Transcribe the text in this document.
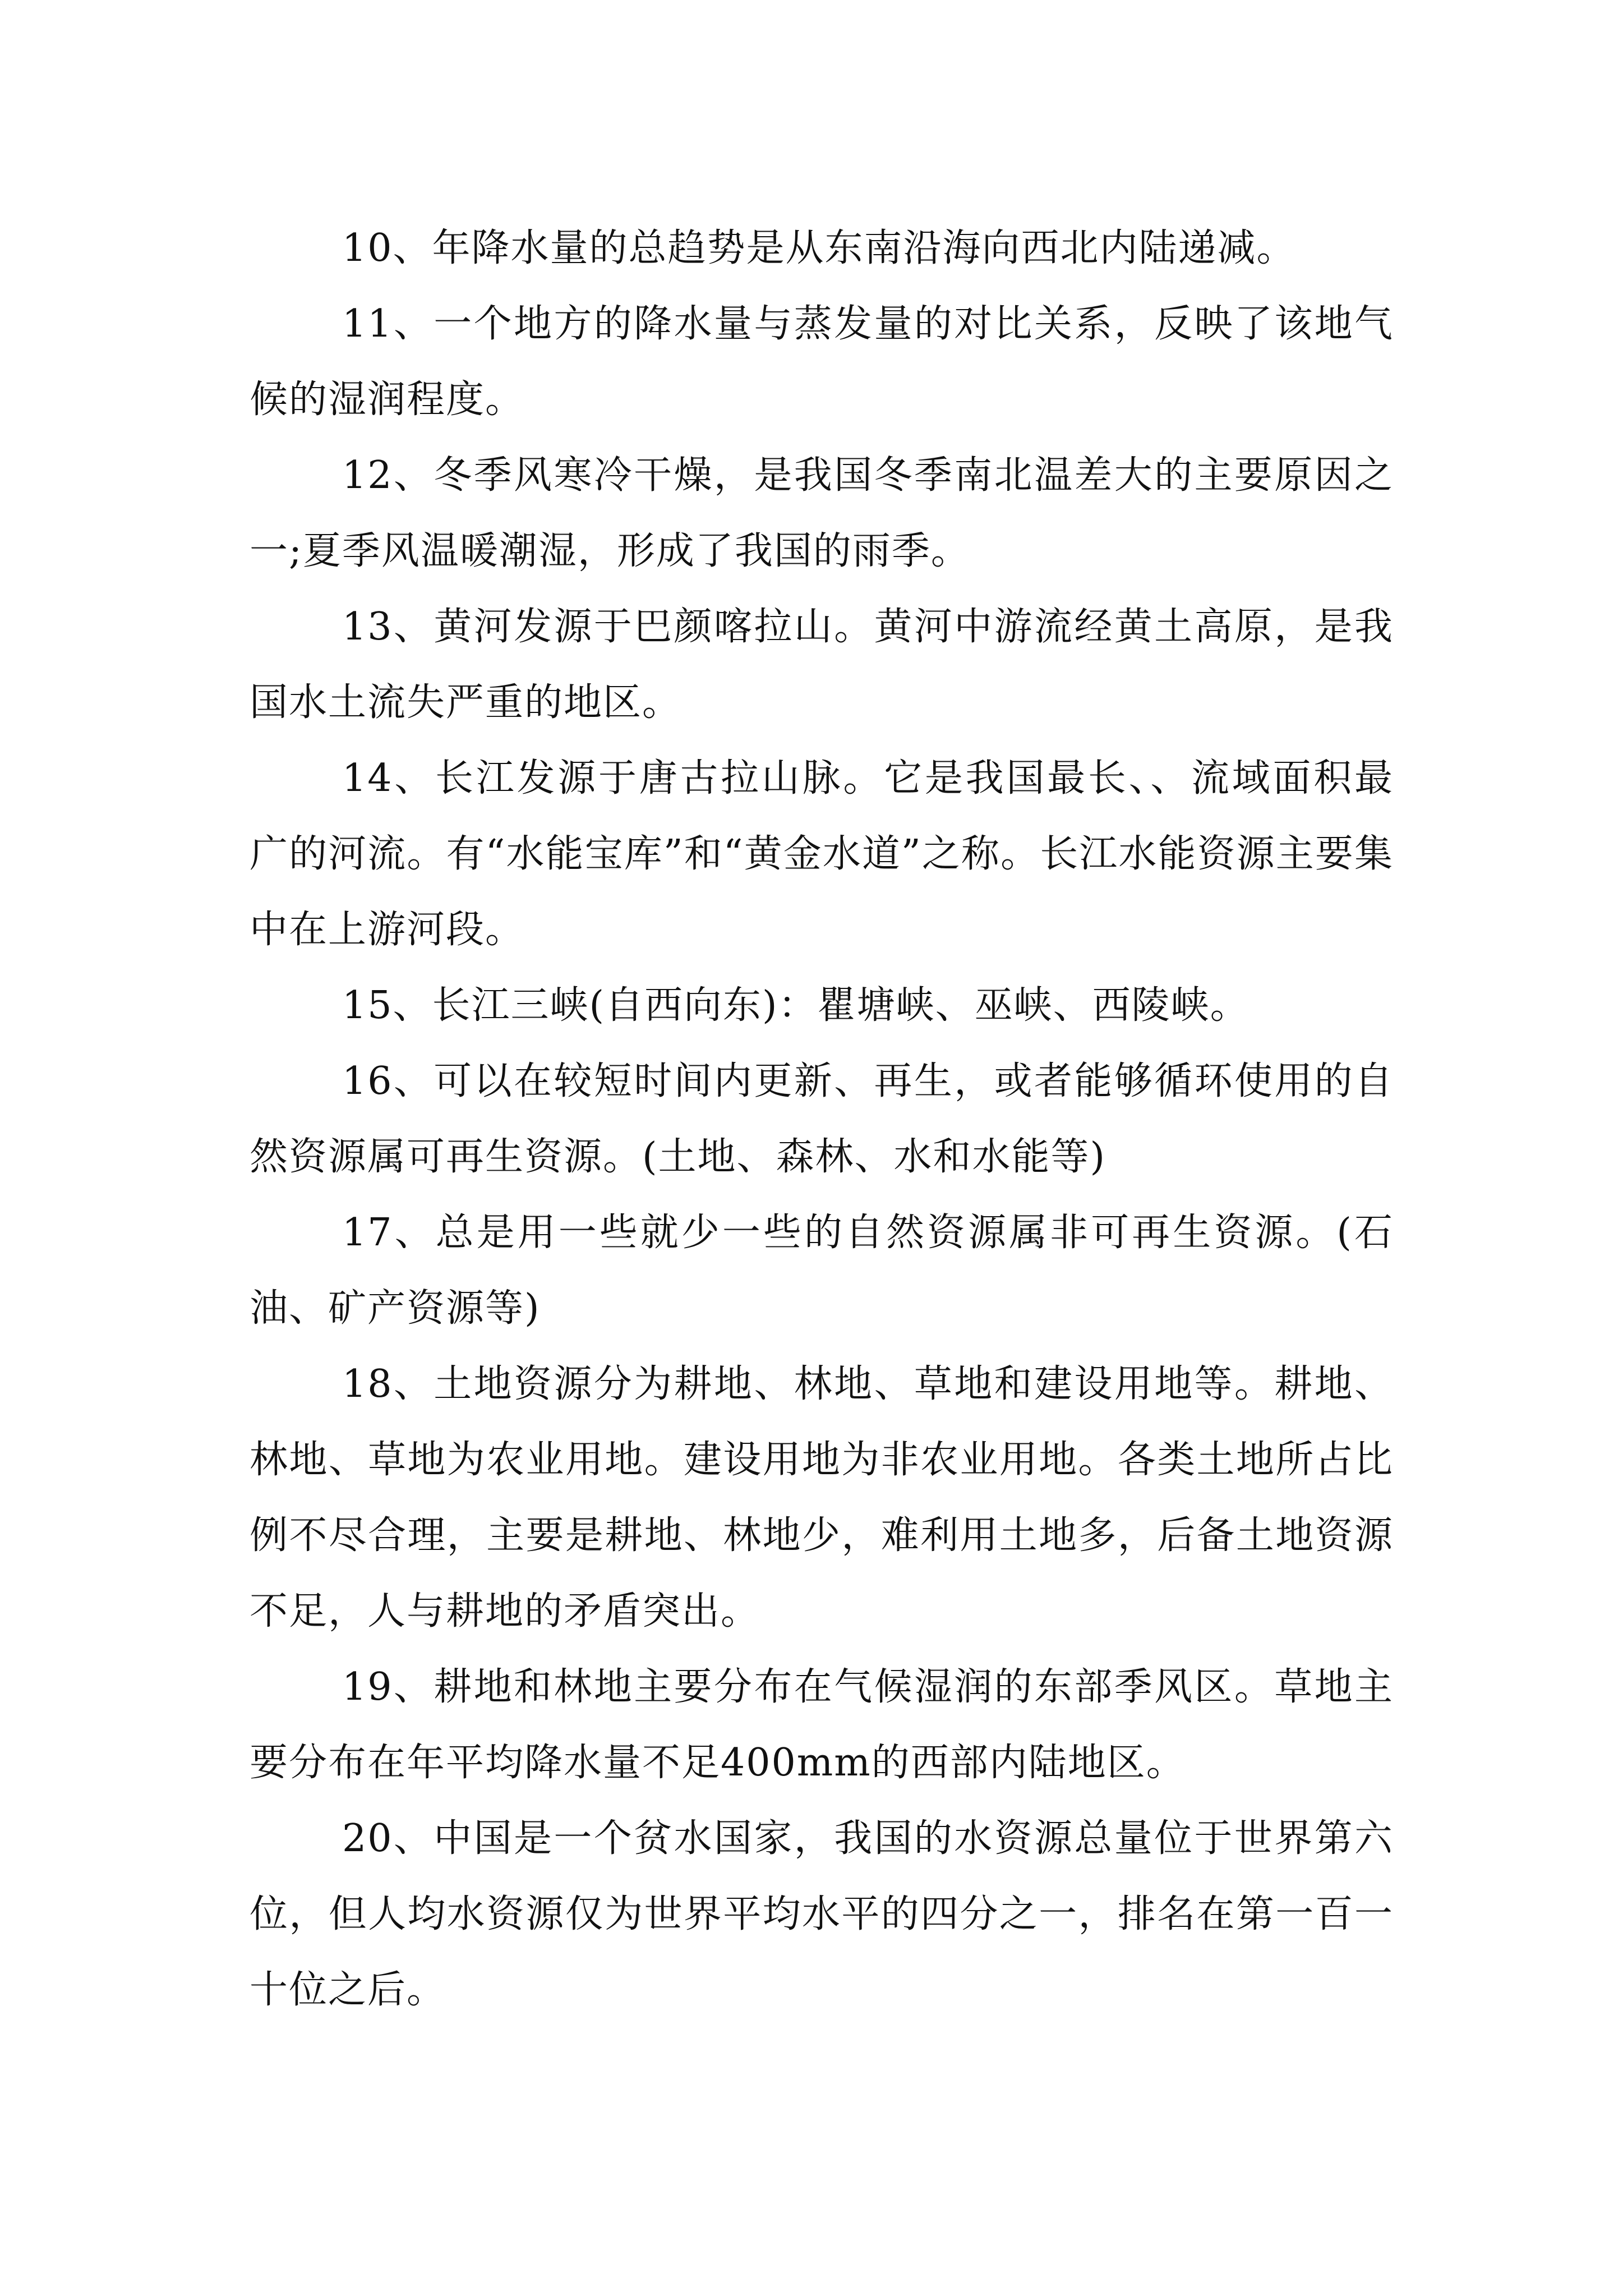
10、年降水量的总趋势是从东南沿海向西北内陆递减。

11、一个地方的降水量与蒸发量的对比关系，反映了该地气候的湿润程度。

12、冬季风寒冷干燥，是我国冬季南北温差大的主要原因之一;夏季风温暖潮湿，形成了我国的雨季。

13、黄河发源于巴颜喀拉山。黄河中游流经黄土高原，是我国水土流失严重的地区。

14、长江发源于唐古拉山脉。它是我国最长、、流域面积最广的河流。有“水能宝库”和“黄金水道”之称。长江水能资源主要集中在上游河段。

15、长江三峡(自西向东)：瞿塘峡、巫峡、西陵峡。

16、可以在较短时间内更新、再生，或者能够循环使用的自然资源属可再生资源。(土地、森林、水和水能等)

17、总是用一些就少一些的自然资源属非可再生资源。(石油、矿产资源等)

18、土地资源分为耕地、林地、草地和建设用地等。耕地、林地、草地为农业用地。建设用地为非农业用地。各类土地所占比例不尽合理，主要是耕地、林地少，难利用土地多，后备土地资源不足，人与耕地的矛盾突出。

19、耕地和林地主要分布在气候湿润的东部季风区。草地主要分布在年平均降水量不足400mm的西部内陆地区。

20、中国是一个贫水国家，我国的水资源总量位于世界第六位，但人均水资源仅为世界平均水平的四分之一，排名在第一百一十位之后。
